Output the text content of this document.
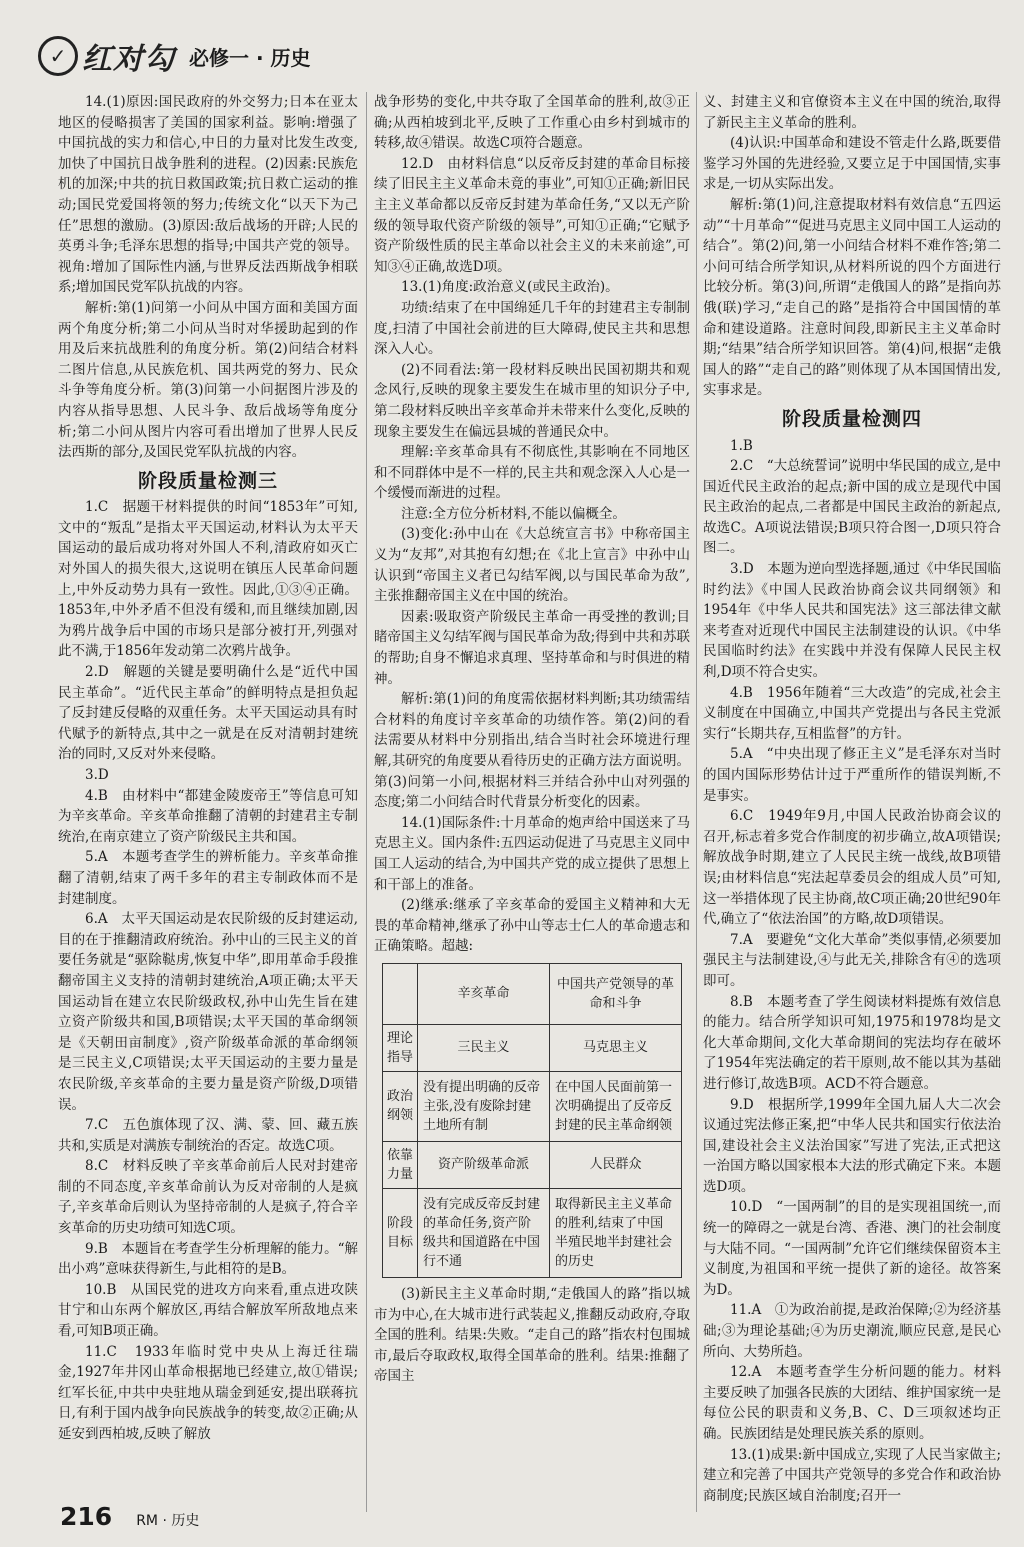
✓ 红对勾 必修一 · 历史

14.(1)原因:国民政府的外交努力;日本在亚太地区的侵略损害了美国的国家利益。影响:增强了中国抗战的实力和信心,中日的力量对比发生改变,加快了中国抗日战争胜利的进程。(2)因素:民族危机的加深;中共的抗日救国政策;抗日救亡运动的推动;国民党爱国将领的努力;传统文化“以天下为己任”思想的激励。(3)原因:敌后战场的开辟;人民的英勇斗争;毛泽东思想的指导;中国共产党的领导。视角:增加了国际性内涵,与世界反法西斯战争相联系;增加国民党军队抗战的内容。

解析:第(1)问第一小问从中国方面和美国方面两个角度分析;第二小问从当时对华援助起到的作用及后来抗战胜利的角度分析。第(2)问结合材料二图片信息,从民族危机、国共两党的努力、民众斗争等角度分析。第(3)问第一小问据图片涉及的内容从指导思想、人民斗争、敌后战场等角度分析;第二小问从图片内容可看出增加了世界人民反法西斯的部分,及国民党军队抗战的内容。

阶段质量检测三

1.C　据题干材料提供的时间“1853年”可知,文中的“叛乱”是指太平天国运动,材料认为太平天国运动的最后成功将对外国人不利,清政府如灭亡对外国人的损失很大,这说明在镇压人民革命问题上,中外反动势力具有一致性。因此,①③④正确。1853年,中外矛盾不但没有缓和,而且继续加剧,因为鸦片战争后中国的市场只是部分被打开,列强对此不满,于1856年发动第二次鸦片战争。

2.D　解题的关键是要明确什么是“近代中国民主革命”。“近代民主革命”的鲜明特点是担负起了反封建反侵略的双重任务。太平天国运动具有时代赋予的新特点,其中之一就是在反对清朝封建统治的同时,又反对外来侵略。

3.D

4.B　由材料中“都建金陵废帝王”等信息可知为辛亥革命。辛亥革命推翻了清朝的封建君主专制统治,在南京建立了资产阶级民主共和国。

5.A　本题考查学生的辨析能力。辛亥革命推翻了清朝,结束了两千多年的君主专制政体而不是封建制度。

6.A　太平天国运动是农民阶级的反封建运动,目的在于推翻清政府统治。孙中山的三民主义的首要任务就是“驱除鞑虏,恢复中华”,即用革命手段推翻帝国主义支持的清朝封建统治,A项正确;太平天国运动旨在建立农民阶级政权,孙中山先生旨在建立资产阶级共和国,B项错误;太平天国的革命纲领是《天朝田亩制度》,资产阶级革命派的革命纲领是三民主义,C项错误;太平天国运动的主要力量是农民阶级,辛亥革命的主要力量是资产阶级,D项错误。

7.C　五色旗体现了汉、满、蒙、回、藏五族共和,实质是对满族专制统治的否定。故选C项。

8.C　材料反映了辛亥革命前后人民对封建帝制的不同态度,辛亥革命前认为反对帝制的人是疯子,辛亥革命后则认为坚持帝制的人是疯子,符合辛亥革命的历史功绩可知选C项。

9.B　本题旨在考查学生分析理解的能力。“解出小鸡”意味获得新生,与此相符的是B。

10.B　从国民党的进攻方向来看,重点进攻陕甘宁和山东两个解放区,再结合解放军所敌地点来看,可知B项正确。

11.C　1933年临时党中央从上海迁往瑞金,1927年井冈山革命根据地已经建立,故①错误;红军长征,中共中央驻地从瑞金到延安,提出联蒋抗日,有利于国内战争向民族战争的转变,故②正确;从延安到西柏坡,反映了解放

战争形势的变化,中共夺取了全国革命的胜利,故③正确;从西柏坡到北平,反映了工作重心由乡村到城市的转移,故④错误。故选C项符合题意。

12.D　由材料信息“以反帝反封建的革命目标接续了旧民主主义革命未竟的事业”,可知①正确;新旧民主主义革命都以反帝反封建为革命任务,“又以无产阶级的领导取代资产阶级的领导”,可知①正确;“它赋予资产阶级性质的民主革命以社会主义的未来前途”,可知③④正确,故选D项。

13.(1)角度:政治意义(或民主政治)。

功绩:结束了在中国绵延几千年的封建君主专制制度,扫清了中国社会前进的巨大障碍,使民主共和思想深入人心。

(2)不同看法:第一段材料反映出民国初期共和观念风行,反映的现象主要发生在城市里的知识分子中,第二段材料反映出辛亥革命并未带来什么变化,反映的现象主要发生在偏远县城的普通民众中。

理解:辛亥革命具有不彻底性,其影响在不同地区和不同群体中是不一样的,民主共和观念深入人心是一个缓慢而渐进的过程。

注意:全方位分析材料,不能以偏概全。

(3)变化:孙中山在《大总统宣言书》中称帝国主义为“友邦”,对其抱有幻想;在《北上宣言》中孙中山认识到“帝国主义者已勾结军阀,以与国民革命为敌”,主张推翻帝国主义在中国的统治。

因素:吸取资产阶级民主革命一再受挫的教训;目睹帝国主义勾结军阀与国民革命为敌;得到中共和苏联的帮助;自身不懈追求真理、坚持革命和与时俱进的精神。

解析:第(1)问的角度需依据材料判断;其功绩需结合材料的角度讨辛亥革命的功绩作答。第(2)问的看法需要从材料中分别指出,结合当时社会环境进行理解,其研究的角度要从看待历史的正确方法方面说明。第(3)问第一小问,根据材料三并结合孙中山对列强的态度;第二小问结合时代背景分析变化的因素。

14.(1)国际条件:十月革命的炮声给中国送来了马克思主义。国内条件:五四运动促进了马克思主义同中国工人运动的结合,为中国共产党的成立提供了思想上和干部上的准备。

(2)继承:继承了辛亥革命的爱国主义精神和大无畏的革命精神,继承了孙中山等志士仁人的革命遗志和正确策略。超越:

	辛亥革命	中国共产党领导的革命和斗争
理论指导	三民主义	马克思主义
政治纲领	没有提出明确的反帝主张,没有废除封建土地所有制	在中国人民面前第一次明确提出了反帝反封建的民主革命纲领
依靠力量	资产阶级革命派	人民群众
阶段目标	没有完成反帝反封建的革命任务,资产阶级共和国道路在中国行不通	取得新民主主义革命的胜利,结束了中国半殖民地半封建社会的历史

(3)新民主主义革命时期,“走俄国人的路”指以城市为中心,在大城市进行武装起义,推翻反动政府,夺取全国的胜利。结果:失败。“走自己的路”指农村包围城市,最后夺取政权,取得全国革命的胜利。结果:推翻了帝国主

义、封建主义和官僚资本主义在中国的统治,取得了新民主主义革命的胜利。

(4)认识:中国革命和建设不管走什么路,既要借鉴学习外国的先进经验,又要立足于中国国情,实事求是,一切从实际出发。

解析:第(1)问,注意提取材料有效信息“五四运动”“十月革命”“促进马克思主义同中国工人运动的结合”。第(2)问,第一小问结合材料不难作答;第二小问可结合所学知识,从材料所说的四个方面进行比较分析。第(3)问,所谓“走俄国人的路”是指向苏俄(联)学习,“走自己的路”是指符合中国国情的革命和建设道路。注意时间段,即新民主主义革命时期;“结果”结合所学知识回答。第(4)问,根据“走俄国人的路”“走自己的路”则体现了从本国国情出发,实事求是。

阶段质量检测四

1.B

2.C　“大总统誓词”说明中华民国的成立,是中国近代民主政治的起点;新中国的成立是现代中国民主政治的起点,二者都是中国民主政治的新起点,故选C。A项说法错误;B项只符合图一,D项只符合图二。

3.D　本题为逆向型选择题,通过《中华民国临时约法》《中国人民政治协商会议共同纲领》和1954年《中华人民共和国宪法》这三部法律文献来考查对近现代中国民主法制建设的认识。《中华民国临时约法》在实践中并没有保障人民民主权利,D项不符合史实。

4.B　1956年随着“三大改造”的完成,社会主义制度在中国确立,中国共产党提出与各民主党派实行“长期共存,互相监督”的方针。

5.A　“中央出现了修正主义”是毛泽东对当时的国内国际形势估计过于严重所作的错误判断,不是事实。

6.C　1949年9月,中国人民政治协商会议的召开,标志着多党合作制度的初步确立,故A项错误;解放战争时期,建立了人民民主统一战线,故B项错误;由材料信息“宪法起草委员会的组成人员”可知,这一举措体现了民主协商,故C项正确;20世纪90年代,确立了“依法治国”的方略,故D项错误。

7.A　要避免“文化大革命”类似事情,必须要加强民主与法制建设,④与此无关,排除含有④的选项即可。

8.B　本题考查了学生阅读材料提炼有效信息的能力。结合所学知识可知,1975和1978均是文化大革命期间,文化大革命期间的宪法均存在破坏了1954年宪法确定的若干原则,故不能以其为基础进行修订,故选B项。ACD不符合题意。

9.D　根据所学,1999年全国九届人大二次会议通过宪法修正案,把“中华人民共和国实行依法治国,建设社会主义法治国家”写进了宪法,正式把这一治国方略以国家根本大法的形式确定下来。本题选D项。

10.D　“一国两制”的目的是实现祖国统一,而统一的障碍之一就是台湾、香港、澳门的社会制度与大陆不同。“一国两制”允许它们继续保留资本主义制度,为祖国和平统一提供了新的途径。故答案为D。

11.A　①为政治前提,是政治保障;②为经济基础;③为理论基础;④为历史潮流,顺应民意,是民心所向、大势所趋。

12.A　本题考查学生分析问题的能力。材料主要反映了加强各民族的大团结、维护国家统一是每位公民的职责和义务,B、C、D三项叙述均正确。民族团结是处理民族关系的原则。

13.(1)成果:新中国成立,实现了人民当家做主;建立和完善了中国共产党领导的多党合作和政治协商制度;民族区域自治制度;召开一

216 RM · 历史
